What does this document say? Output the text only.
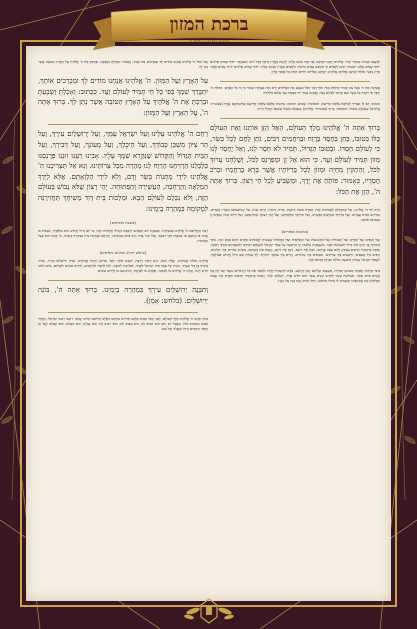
ברכת המזון
נוסח עדות המזרח

לַמְנַצֵּחַ בִּנְגִינֹת מִזְמוֹר שִׁיר: אֱלֹהִים יְחָנֵּנוּ וִיבָרְכֵנוּ יָאֵר פָּנָיו אִתָּנוּ סֶלָה: לָדַעַת בָּאָרֶץ דַּרְכֶּךָ בְּכָל גּוֹיִם יְשׁוּעָתֶךָ: יוֹדוּךָ עַמִּים אֱלֹהִים יוֹדוּךָ עַמִּים כֻּלָּם: יִשְׂמְחוּ וִירַנְּנוּ לְאֻמִּים כִּי תִשְׁפֹּט עַמִּים מִישׁוֹר וּלְאֻמִּים בָּאָרֶץ תַּנְחֵם סֶלָה: יוֹדוּךָ עַמִּים אֱלֹהִים יוֹדוּךָ עַמִּים כֻּלָּם: אֶרֶץ נָתְנָה יְבוּלָהּ יְבָרְכֵנוּ אֱלֹהִים אֱלֹהֵינוּ: יְבָרְכֵנוּ אֱלֹהִים וְיִירְאוּ אוֹתוֹ כָּל אַפְסֵי אָרֶץ:

אֲבָרְכָה אֶת ה' בְּכָל עֵת תָּמִיד תְּהִלָּתוֹ בְּפִי: סוֹף דָּבָר הַכֹּל נִשְׁמָע אֶת הָאֱלֹהִים יְרָא וְאֶת מִצְוֹתָיו שְׁמוֹר כִּי זֶה כָּל הָאָדָם: תְּהִלַּת ה' יְדַבֶּר פִּי וִיבָרֵךְ כָּל בָּשָׂר שֵׁם קָדְשׁוֹ לְעוֹלָם וָעֶד: וַאֲנַחְנוּ נְבָרֵךְ יָהּ מֵעַתָּה וְעַד עוֹלָם הַלְלוּיָהּ:

המזמן: הַב לָן וְנִבְרִיךְ לְמַלְכָּא עִלָּאָה קַדִּישָׁא. המסובין: שָׁמַיִם. המזמן: בִּרְשׁוּת מַלְכָּא עִלָּאָה קַדִּישָׁא וּבִרְשׁוּתְכֶם נְבָרֵךְ (בעשרה: אֱלֹהֵינוּ) שֶׁאָכַלְנוּ מִשֶּׁלּוֹ. המסובין: בָּרוּךְ (בעשרה: אֱלֹהֵינוּ) שֶׁאָכַלְנוּ מִשֶּׁלּוֹ וּבְטוּבוֹ הַגָּדוֹל חָיִינוּ.

בָּרוּךְ אַתָּה ה' אֱלֹהֵינוּ מֶלֶךְ הָעוֹלָם, הָאֵל הַזָּן אוֹתָנוּ וְאֶת הָעוֹלָם כֻּלּוֹ בְּטוּבוֹ, בְּחֵן בְּחֶסֶד בְּרֶוַח וּבְרַחֲמִים רַבִּים, נֹתֵן לֶחֶם לְכָל בָּשָׂר, כִּי לְעוֹלָם חַסְדּוֹ. וּבְטוּבוֹ הַגָּדוֹל, תָּמִיד לֹא חָסַר לָנוּ, וְאַל יֶחְסַר לָנוּ מָזוֹן תָּמִיד לְעוֹלָם וָעֶד. כִּי הוּא אֵל זָן וּמְפַרְנֵס לַכֹּל, וְשֻׁלְחָנוֹ עָרוּךְ לַכֹּל, וְהִתְקִין מִחְיָה וּמָזוֹן לְכָל בְּרִיּוֹתָיו אֲשֶׁר בָּרָא בְרַחֲמָיו וּבְרֹב חֲסָדָיו, כָּאָמוּר: פּוֹתֵחַ אֶת יָדֶךָ, וּמַשְׂבִּיעַ לְכָל חַי רָצוֹן. בָּרוּךְ אַתָּה ה', הַזָּן אֶת הַכֹּל:

נוֹדֶה לְּךָ ה' אֱלֹהֵינוּ, עַל שֶׁהִנְחַלְתָּ לַאֲבוֹתֵינוּ אֶרֶץ חֶמְדָּה טוֹבָה וּרְחָבָה, בְּרִית וְתוֹרָה, חַיִּים וּמָזוֹן. עַל שֶׁהוֹצֵאתָנוּ מֵאֶרֶץ מִצְרַיִם, וּפְדִיתָנוּ מִבֵּית עֲבָדִים. וְעַל בְּרִיתְךָ שֶׁחָתַמְתָּ בִּבְשָׂרֵנוּ, וְעַל תּוֹרָתְךָ שֶׁלִּמַּדְתָּנוּ, וְעַל חֻקֵּי רְצוֹנָךְ שֶׁהוֹדַעְתָּנוּ, וְעַל חַיִּים וּמָזוֹן שֶׁאַתָּה זָן וּמְפַרְנֵס אוֹתָנוּ:

(בחנוכה ובפורים)

וְעַל הַנִּסִּים וְעַל הַפֻּרְקָן וְעַל הַגְּבוּרוֹת וְעַל הַתְּשׁוּעוֹת וְעַל הַנִּפְלָאוֹת וְעַל הַנֶּחָמוֹת שֶׁעָשִׂיתָ לַאֲבוֹתֵינוּ בַּיָּמִים הָהֵם בִּזְּמַן הַזֶּה. בִּימֵי מַתִּתְיָה בֶּן יוֹחָנָן כֹּהֵן גָּדוֹל חַשְׁמוֹנַאי וּבָנָיו, כְּשֶׁעָמְדָה מַלְכוּת יָוָן הָרְשָׁעָה עַל עַמְּךָ יִשְׂרָאֵל לְשַׁכְּחָם תּוֹרָתָךְ וּלְהַעֲבִירָם מֵחֻקֵּי רְצוֹנָךְ, וְאַתָּה בְּרַחֲמֶיךָ הָרַבִּים עָמַדְתָּ לָהֶם בְּעֵת צָרָתָם, רַבְתָּ אֶת רִיבָם, דַּנְתָּ אֶת דִּינָם, נָקַמְתָּ אֶת נִקְמָתָם, מָסַרְתָּ גִבּוֹרִים בְּיַד חַלָּשִׁים, וְרַבִּים בְּיַד מְעַטִּים, וּרְשָׁעִים בְּיַד צַדִּיקִים, וּטְמֵאִים בְּיַד טְהוֹרִים, וְזֵדִים בְּיַד עוֹסְקֵי תוֹרָתֶךָ. לְךָ עָשִׂיתָ שֵׁם גָּדוֹל וְקָדוֹשׁ בְּעוֹלָמָךְ, וּלְעַמְּךָ יִשְׂרָאֵל עָשִׂיתָ תְּשׁוּעָה גְדוֹלָה וּפֻרְקָן כְּהַיּוֹם הַזֶּה.

בִּימֵי מָרְדְּכַי וְאֶסְתֵּר בְּשׁוּשַׁן הַבִּירָה, כְּשֶׁעָמַד עֲלֵיהֶם הָמָן הָרָשָׁע, בִּקֵּשׁ לְהַשְׁמִיד לַהֲרֹג וּלְאַבֵּד אֶת כָּל הַיְּהוּדִים מִנַּעַר וְעַד זָקֵן טַף וְנָשִׁים בְּיוֹם אֶחָד, בִּשְׁלשָׁה עָשָׂר לְחֹדֶשׁ שְׁנֵים עָשָׂר הוּא חֹדֶשׁ אֲדָר, וּשְׁלָלָם לָבוֹז. וְאַתָּה בְּרַחֲמֶיךָ הָרַבִּים הֵפַרְתָּ אֶת עֲצָתוֹ וְקִלְקַלְתָּ אֶת מַחֲשַׁבְתּוֹ וַהֲשֵׁבוֹתָ לּוֹ גְּמוּלוֹ בְּרֹאשׁוֹ, וְתָלוּ אוֹתוֹ וְאֶת בָּנָיו עַל הָעֵץ.

וְעַל הַכֹּל ה' אֱלֹהֵינוּ אֲנַחְנוּ מוֹדִים לָךְ וּמְבָרְכִים אֶת שְׁמָךְ, כָּאָמוּר: וְאָכַלְתָּ וְשָׂבָעְתָּ, וּבֵרַכְתָּ אֶת ה' אֱלֹהֶיךָ עַל הָאָרֶץ הַטּוֹבָה אֲשֶׁר נָתַן לָךְ.

עַל הָאָרֶץ וְעַל הַמָּזוֹן. ה' אֱלֹהֵינוּ אֲנַחְנוּ מוֹדִים לָךְ וּמְבָרְכִים אוֹתָךְ, יִתְבָּרַךְ שִׁמְךָ בְּפִי כָּל חַי תָּמִיד לְעוֹלָם וָעֶד. כַּכָּתוּב: וְאָכַלְתָּ וְשָׂבָעְתָּ וּבֵרַכְתָּ אֶת ה' אֱלֹהֶיךָ עַל הָאָרֶץ הַטּוֹבָה אֲשֶׁר נָתַן לָךְ. בָּרוּךְ אַתָּה ה', עַל הָאָרֶץ וְעַל הַמָּזוֹן:

רַחֵם ה' אֱלֹהֵינוּ עָלֵינוּ וְעַל יִשְׂרָאֵל עַמָּךְ, וְעַל יְרוּשָׁלַיִם עִירָךְ, וְעַל הַר צִיּוֹן מִשְׁכַּן כְּבוֹדָךְ, וְעַל הֵיכָלָךְ, וְעַל מְעוֹנָךְ, וְעַל דְּבִירָךְ, וְעַל הַבַּיִת הַגָּדוֹל וְהַקָּדוֹשׁ שֶׁנִּקְרָא שִׁמְךָ עָלָיו. אָבִינוּ רְעֵנוּ זוּנֵנוּ פַּרְנְסֵנוּ כַּלְכְּלֵנוּ הַרְוִיחֵנוּ הַרְוַח לָנוּ מְהֵרָה מִכָּל צָרוֹתֵינוּ. וְנָא אַל תַּצְרִיכֵנוּ ה' אֱלֹהֵינוּ לִידֵי מַתְּנוֹת בָּשָׂר וָדָם, וְלֹא לִידֵי הַלְוָאָתָם. אֶלָּא לְיָדְךָ הַמְּלֵאָה וְהָרְחָבָה, הָעֲשִׁירָה וְהַפְּתוּחָה. יְהִי רָצוֹן שֶׁלֹּא נֵבוֹשׁ בָּעוֹלָם הַזֶּה, וְלֹא נִכָּלֵם לָעוֹלָם הַבָּא. וּמַלְכוּת בֵּית דָּוִד מְשִׁיחָךְ תַּחֲזִירֶנָּה לִמְקוֹמָהּ בִּמְהֵרָה בְיָמֵינוּ:

(בשבת מוסיפים)

רְצֵה וְהַחֲלִיצֵנוּ ה' אֱלֹהֵינוּ בְּמִצְוֹתֶיךָ, וּבְמִצְוַת יוֹם הַשְּׁבִיעִי הַשַּׁבָּת הַגָּדוֹל וְהַקָּדוֹשׁ הַזֶּה, כִּי יוֹם גָּדוֹל וְקָדוֹשׁ הוּא מִלְּפָנֶיךָ, נִשְׁבּוֹת בּוֹ וְנָנוּחַ בּוֹ וְנִתְעַנֵּג בּוֹ כְּמִצְוַת חֻקֵּי רְצוֹנָךְ, וְאַל תְּהִי צָרָה וְיָגוֹן בְּיוֹם מְנוּחָתֵנוּ, וְהַרְאֵנוּ בְּנֶחָמַת צִיּוֹן בִּמְהֵרָה בְיָמֵינוּ, כִּי אַתָּה הוּא בַּעַל הַנֶּחָמוֹת.

(בראש חודש ובחגים מוסיפים)

אֱלֹהֵינוּ וֵאלֹהֵי אֲבוֹתֵינוּ, יַעֲלֶה וְיָבֹא, יַגִּיעַ יֵרָאֶה וְיֵרָצֶה, יִשָּׁמַע יִפָּקֵד וְיִזָּכֵר זִכְרוֹנֵנוּ וְזִכְרוֹן אֲבוֹתֵינוּ, זִכְרוֹן יְרוּשָׁלַיִם עִירָךְ, וְזִכְרוֹן מָשִׁיחַ בֶּן דָּוִד עַבְדָּךְ, וְזִכְרוֹן כָּל עַמְּךָ בֵּית יִשְׂרָאֵל לְפָנֶיךָ, לִפְלֵיטָה לְטוֹבָה, לְחֵן לְחֶסֶד וּלְרַחֲמִים, לְחַיִּים טוֹבִים וּלְשָׁלוֹם, בְּיוֹם רֹאשׁ חֹדֶשׁ הַזֶּה. זָכְרֵנוּ ה' אֱלֹהֵינוּ בּוֹ לְטוֹבָה, וּפָקְדֵנוּ בוֹ לִבְרָכָה, וְהוֹשִׁיעֵנוּ בוֹ לְחַיִּים טוֹבִים.

וְתִבְנֶה יְרוּשָׁלַיִם עִירָךְ בִּמְהֵרָה בְיָמֵינוּ. בָּרוּךְ אַתָּה ה', בּוֹנֵה יְרוּשָׁלָיִם. (בלחש: אָמֵן).

בָּרוּךְ אַתָּה ה' אֱלֹהֵינוּ מֶלֶךְ הָעוֹלָם, לָעַד הָאֵל אָבִינוּ מַלְכֵּנוּ אַדִּירֵנוּ בּוֹרְאֵנוּ גּוֹאֲלֵנוּ קְדוֹשֵׁנוּ קְדוֹשׁ יַעֲקֹב, רוֹעֵנוּ רוֹעֵה יִשְׂרָאֵל, הַמֶּלֶךְ הַטּוֹב וְהַמֵּטִיב לַכֹּל, שֶׁבְּכָל יוֹם וָיוֹם הוּא הֵטִיב לָנוּ, הוּא מֵטִיב לָנוּ, הוּא יֵיטִיב לָנוּ. הוּא גְמָלָנוּ, הוּא גוֹמְלֵנוּ, הוּא יִגְמְלֵנוּ לָעַד חֵן וָחֶסֶד וְרַחֲמִים וְרֶוַח וְהַצָּלָה וְכָל טוֹב.
